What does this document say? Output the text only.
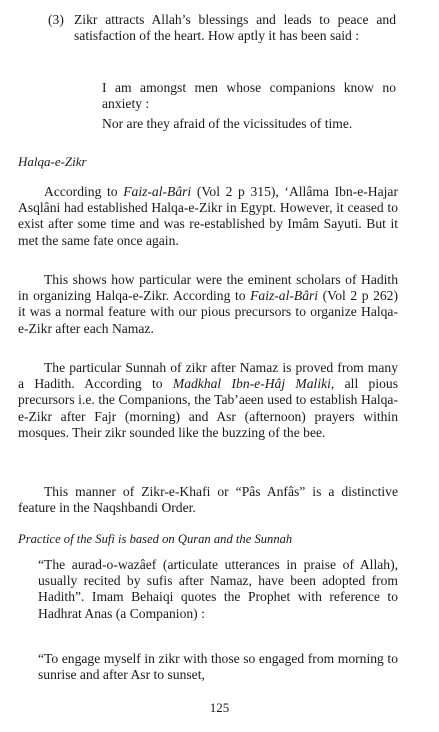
(3) Zikr attracts Allah’s blessings and leads to peace and satisfaction of the heart. How aptly it has been said :
I am amongst men whose companions know no anxiety :
Nor are they afraid of the vicissitudes of time.
Halqa-e-Zikr
According to Faiz-al-Bâri (Vol 2 p 315), ‘Allâma Ibn-e-Hajar Asqlâni had established Halqa-e-Zikr in Egypt. However, it ceased to exist after some time and was re-established by Imâm Sayuti. But it met the same fate once again.
This shows how particular were the eminent scholars of Hadith in organizing Halqa-e-Zikr. According to Faiz-al-Bâri (Vol 2 p 262) it was a normal feature with our pious precursors to organize Halqa-e-Zikr after each Namaz.
The particular Sunnah of zikr after Namaz is proved from many a Hadith. According to Madkhal Ibn-e-Hâj Maliki, all pious precursors i.e. the Companions, the Tab’aeen used to establish Halqa-e-Zikr after Fajr (morning) and Asr (afternoon) prayers within mosques. Their zikr sounded like the buzzing of the bee.
This manner of Zikr-e-Khafi or “Pâs Anfâs” is a distinctive feature in the Naqshbandi Order.
Practice of the Sufi is based on Quran and the Sunnah
“The aurad-o-wazâef (articulate utterances in praise of Allah), usually recited by sufis after Namaz, have been adopted from Hadith”. Imam Behaiqi quotes the Prophet with reference to Hadhrat Anas (a Companion) :
“To engage myself in zikr with those so engaged from morning to sunrise and after Asr to sunset,
125
